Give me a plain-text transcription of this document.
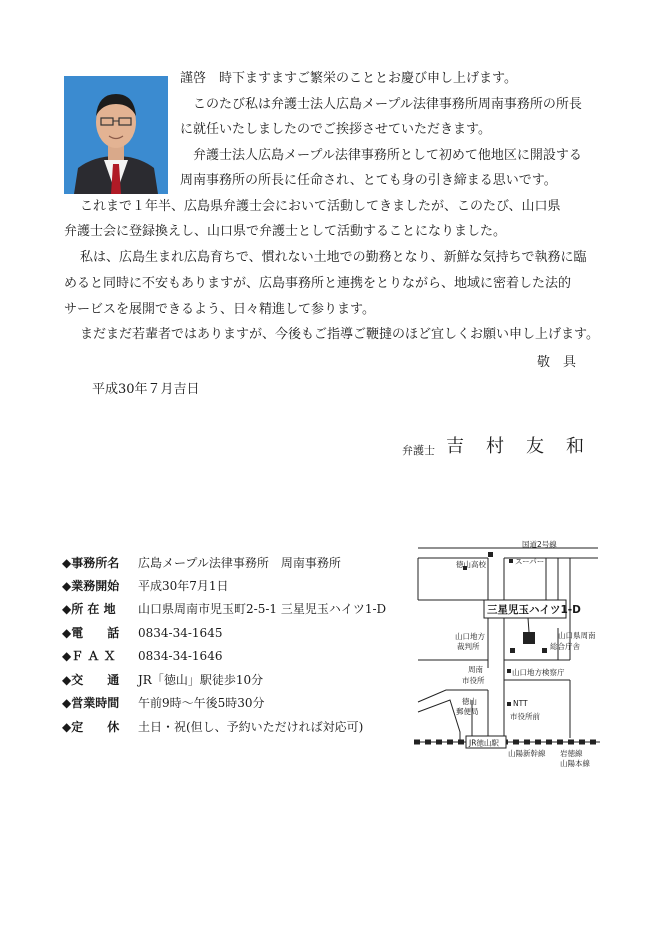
謹啓　時下ますますご繁栄のこととお慶び申し上げます。
このたび私は弁護士法人広島メープル法律事務所周南事務所の所長
に就任いたしましたのでご挨拶させていただきます。
弁護士法人広島メープル法律事務所として初めて他地区に開設する
周南事務所の所長に任命され、とても身の引き締まる思いです。
これまで１年半、広島県弁護士会において活動してきましたが、このたび、山口県
弁護士会に登録換えし、山口県で弁護士として活動することになりました。
私は、広島生まれ広島育ちで、慣れない土地での勤務となり、新鮮な気持ちで執務に臨
めると同時に不安もありますが、広島事務所と連携をとりながら、地域に密着した法的
サービスを展開できるよう、日々精進して参ります。
まだまだ若輩者ではありますが、今後もご指導ご鞭撻のほど宜しくお願い申し上げます。
敬　具
平成30年７月吉日
弁護士 吉村友和
◆事務所名 広島メープル法律事務所　周南事務所
◆業務開始 平成30年7月1日
◆所 在 地 山口県周南市児玉町2-5-1 三星児玉ハイツ1-D
◆電　　話 0834-34-1645
◆Ｆ Ａ Ｘ 0834-34-1646
◆交　　通 JR「徳山」駅徒歩10分
◆営業時間 午前9時〜午後5時30分
◆定　　休 土日・祝(但し、予約いただければ対応可)
国道2号線
徳山高校	スーパー
山口地方
裁判所
山口県周南
総合庁舎
周南
市役所
山口地方検察庁
徳山
郵便局
NTT
市役所前
山陽新幹線 岩徳線
山陽本線
三星児玉ハイツ1-D
JR徳山駅
